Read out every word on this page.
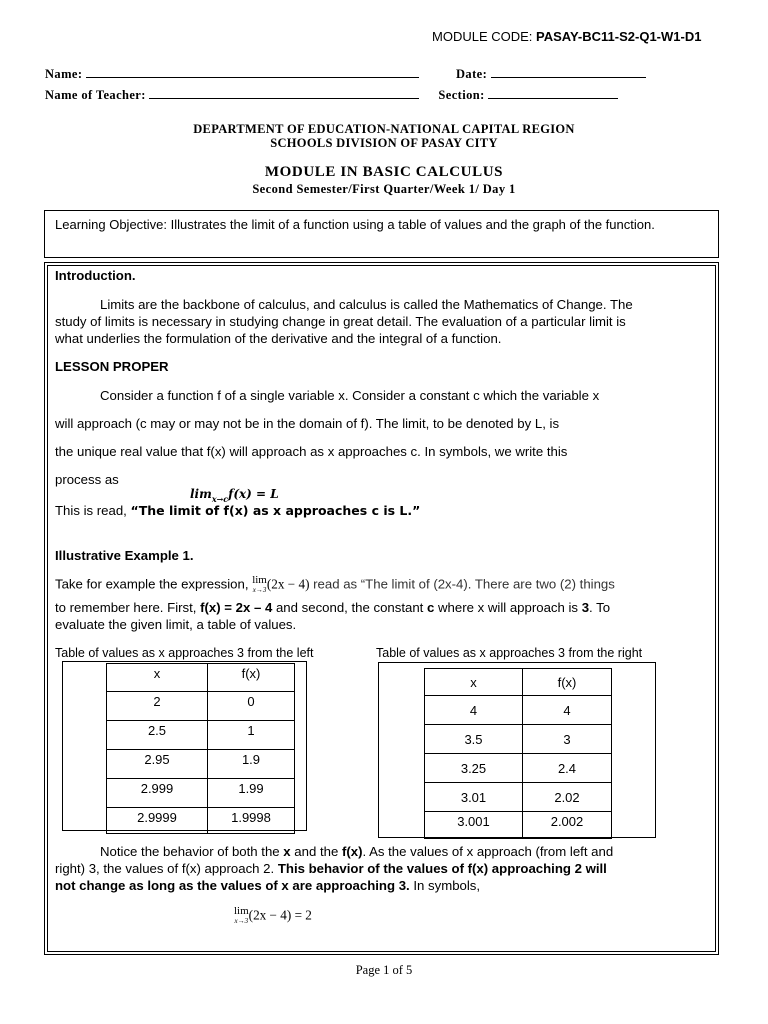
MODULE CODE: PASAY-BC11-S2-Q1-W1-D1
Name:	Date:
Name of Teacher:	Section:
DEPARTMENT OF EDUCATION-NATIONAL CAPITAL REGION
SCHOOLS DIVISION OF PASAY CITY
MODULE IN BASIC CALCULUS
Second Semester/First Quarter/Week 1/ Day 1
Learning Objective: Illustrates the limit of a function using a table of values and the graph of the function.
Introduction.
Limits are the backbone of calculus, and calculus is called the Mathematics of Change. The
study of limits is necessary in studying change in great detail. The evaluation of a particular limit is
what underlies the formulation of the derivative and the integral of a function.
LESSON PROPER
Consider a function f of a single variable x. Consider a constant c which the variable x
will approach (c may or may not be in the domain of f). The limit, to be denoted by L, is
the unique real value that f(x) will approach as x approaches c. In symbols, we write this
process as
$\lim_{x\to c}f(x) = L$
This is read, “The limit of f(x) as x approaches c is L.”
Illustrative Example 1.
Take for example the expression, lim
x→3 (2x − 4) read as “The limit of (2x-4). There are two (2) things
to remember here. First, f(x) = 2x – 4 and second, the constant c where x will approach is 3. To
evaluate the given limit, a table of values.
Table of values as x approaches 3 from the left	Table of values as x approaches 3 from the right
x	f(x)
2	0
2.5	1
2.95	1.9
2.999	1.99
2.9999	1.9998
x	f(x)
4	4
3.5	3
3.25	2.4
3.01	2.02
3.001	2.002
Notice the behavior of both the x and the f(x). As the values of x approach (from left and
right) 3, the values of f(x) approach 2. This behavior of the values of f(x) approaching 2 will
not change as long as the values of x are approaching 3. In symbols,
lim
x→3 (2x − 4) = 2
Page 1 of 5
